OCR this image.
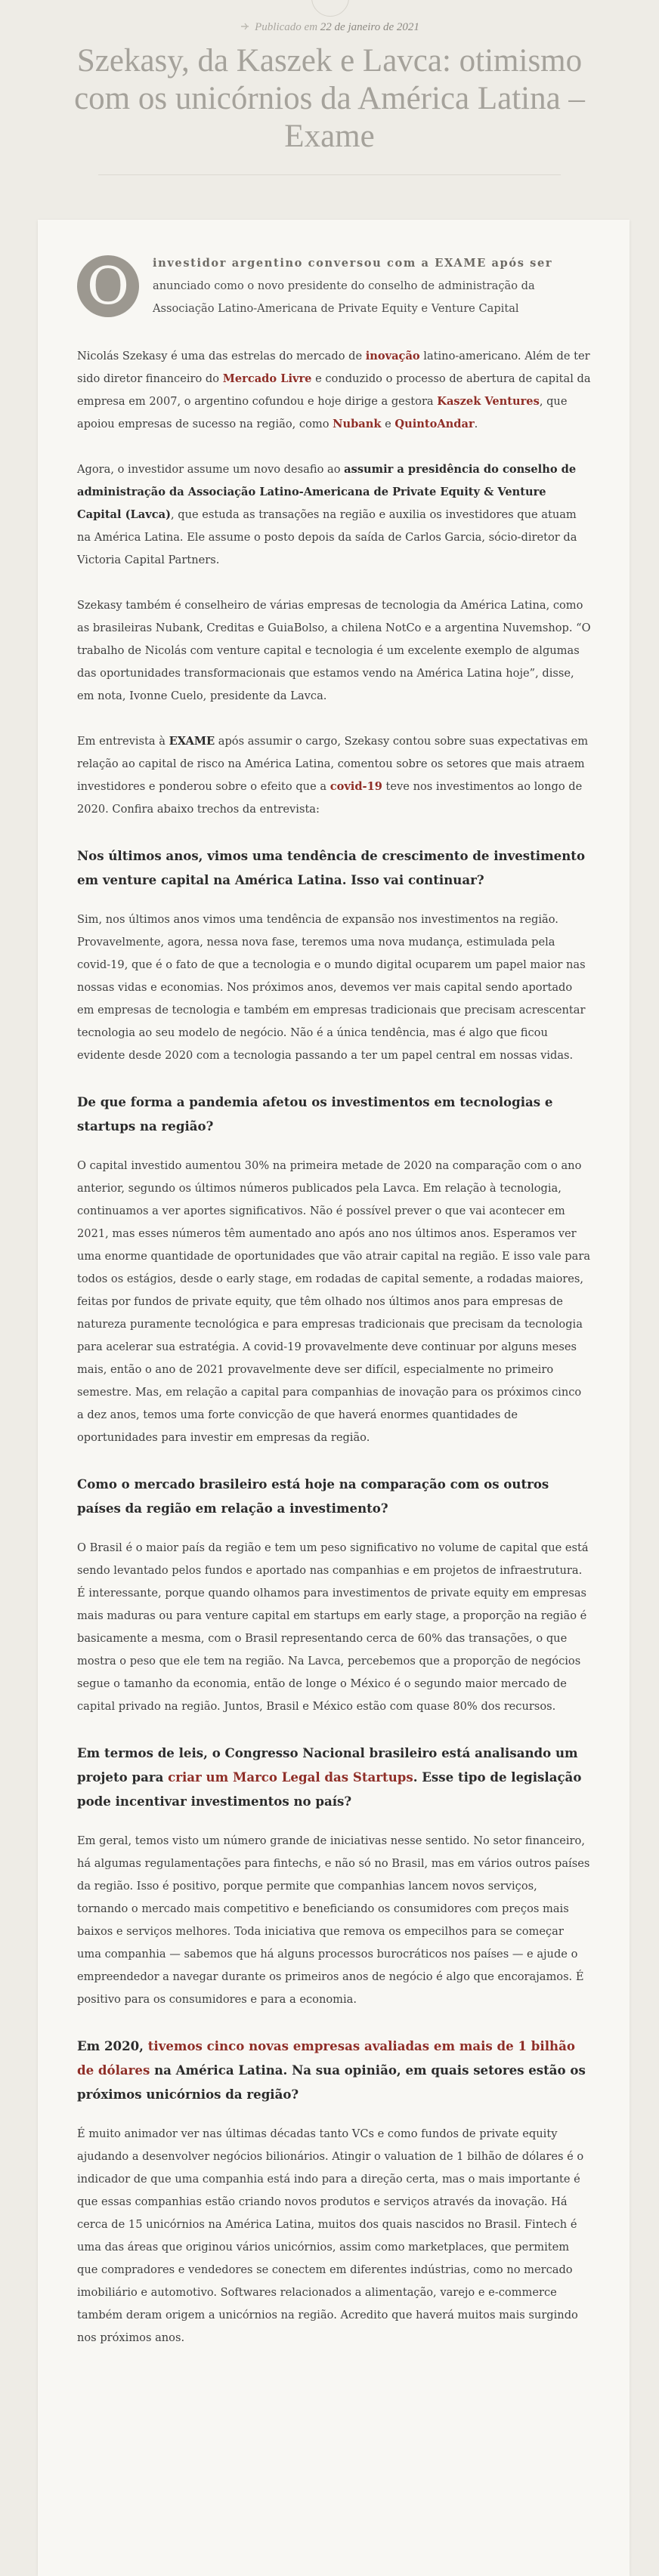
Publicado em 22 de janeiro de 2021
Szekasy, da Kaszek e Lavca: otimismo com os unicórnios da América Latina – Exame
O	investidor argentino conversou com a EXAME após ser anunciado como o novo presidente do conselho de administração da Associação Latino-Americana de Private Equity e Venture Capital

Nicolás Szekasy é uma das estrelas do mercado de inovação latino-americano. Além de ter sido diretor financeiro do Mercado Livre e conduzido o processo de abertura de capital da empresa em 2007, o argentino cofundou e hoje dirige a gestora Kaszek Ventures, que apoiou empresas de sucesso na região, como Nubank e QuintoAndar.

Agora, o investidor assume um novo desafio ao assumir a presidência do conselho de administração da Associação Latino-Americana de Private Equity & Venture Capital (Lavca), que estuda as transações na região e auxilia os investidores que atuam na América Latina. Ele assume o posto depois da saída de Carlos Garcia, sócio-diretor da Victoria Capital Partners.

Szekasy também é conselheiro de várias empresas de tecnologia da América Latina, como as brasileiras Nubank, Creditas e GuiaBolso, a chilena NotCo e a argentina Nuvemshop. “O trabalho de Nicolás com venture capital e tecnologia é um excelente exemplo de algumas das oportunidades transformacionais que estamos vendo na América Latina hoje”, disse, em nota, Ivonne Cuelo, presidente da Lavca.

Em entrevista à EXAME após assumir o cargo, Szekasy contou sobre suas expectativas em relação ao capital de risco na América Latina, comentou sobre os setores que mais atraem investidores e ponderou sobre o efeito que a covid-19 teve nos investimentos ao longo de 2020. Confira abaixo trechos da entrevista:

Nos últimos anos, vimos uma tendência de crescimento de investimento em venture capital na América Latina. Isso vai continuar?

Sim, nos últimos anos vimos uma tendência de expansão nos investimentos na região. Provavelmente, agora, nessa nova fase, teremos uma nova mudança, estimulada pela covid-19, que é o fato de que a tecnologia e o mundo digital ocuparem um papel maior nas nossas vidas e economias. Nos próximos anos, devemos ver mais capital sendo aportado em empresas de tecnologia e também em empresas tradicionais que precisam acrescentar tecnologia ao seu modelo de negócio. Não é a única tendência, mas é algo que ficou evidente desde 2020 com a tecnologia passando a ter um papel central em nossas vidas.

De que forma a pandemia afetou os investimentos em tecnologias e startups na região?

O capital investido aumentou 30% na primeira metade de 2020 na comparação com o ano anterior, segundo os últimos números publicados pela Lavca. Em relação à tecnologia, continuamos a ver aportes significativos. Não é possível prever o que vai acontecer em 2021, mas esses números têm aumentado ano após ano nos últimos anos. Esperamos ver uma enorme quantidade de oportunidades que vão atrair capital na região. E isso vale para todos os estágios, desde o early stage, em rodadas de capital semente, a rodadas maiores, feitas por fundos de private equity, que têm olhado nos últimos anos para empresas de natureza puramente tecnológica e para empresas tradicionais que precisam da tecnologia para acelerar sua estratégia. A covid-19 provavelmente deve continuar por alguns meses mais, então o ano de 2021 provavelmente deve ser difícil, especialmente no primeiro semestre. Mas, em relação a capital para companhias de inovação para os próximos cinco a dez anos, temos uma forte convicção de que haverá enormes quantidades de oportunidades para investir em empresas da região.

Como o mercado brasileiro está hoje na comparação com os outros países da região em relação a investimento?

O Brasil é o maior país da região e tem um peso significativo no volume de capital que está sendo levantado pelos fundos e aportado nas companhias e em projetos de infraestrutura. É interessante, porque quando olhamos para investimentos de private equity em empresas mais maduras ou para venture capital em startups em early stage, a proporção na região é basicamente a mesma, com o Brasil representando cerca de 60% das transações, o que mostra o peso que ele tem na região. Na Lavca, percebemos que a proporção de negócios segue o tamanho da economia, então de longe o México é o segundo maior mercado de capital privado na região. Juntos, Brasil e México estão com quase 80% dos recursos.

Em termos de leis, o Congresso Nacional brasileiro está analisando um projeto para criar um Marco Legal das Startups. Esse tipo de legislação pode incentivar investimentos no país?

Em geral, temos visto um número grande de iniciativas nesse sentido. No setor financeiro, há algumas regulamentações para fintechs, e não só no Brasil, mas em vários outros países da região. Isso é positivo, porque permite que companhias lancem novos serviços, tornando o mercado mais competitivo e beneficiando os consumidores com preços mais baixos e serviços melhores. Toda iniciativa que remova os empecilhos para se começar uma companhia — sabemos que há alguns processos burocráticos nos países — e ajude o empreendedor a navegar durante os primeiros anos de negócio é algo que encorajamos. É positivo para os consumidores e para a economia.

Em 2020, tivemos cinco novas empresas avaliadas em mais de 1 bilhão de dólares na América Latina. Na sua opinião, em quais setores estão os próximos unicórnios da região?

É muito animador ver nas últimas décadas tanto VCs e como fundos de private equity ajudando a desenvolver negócios bilionários. Atingir o valuation de 1 bilhão de dólares é o indicador de que uma companhia está indo para a direção certa, mas o mais importante é que essas companhias estão criando novos produtos e serviços através da inovação. Há cerca de 15 unicórnios na América Latina, muitos dos quais nascidos no Brasil. Fintech é uma das áreas que originou vários unicórnios, assim como marketplaces, que permitem que compradores e vendedores se conectem em diferentes indústrias, como no mercado imobiliário e automotivo. Softwares relacionados a alimentação, varejo e e-commerce também deram origem a unicórnios na região. Acredito que haverá muitos mais surgindo nos próximos anos.
